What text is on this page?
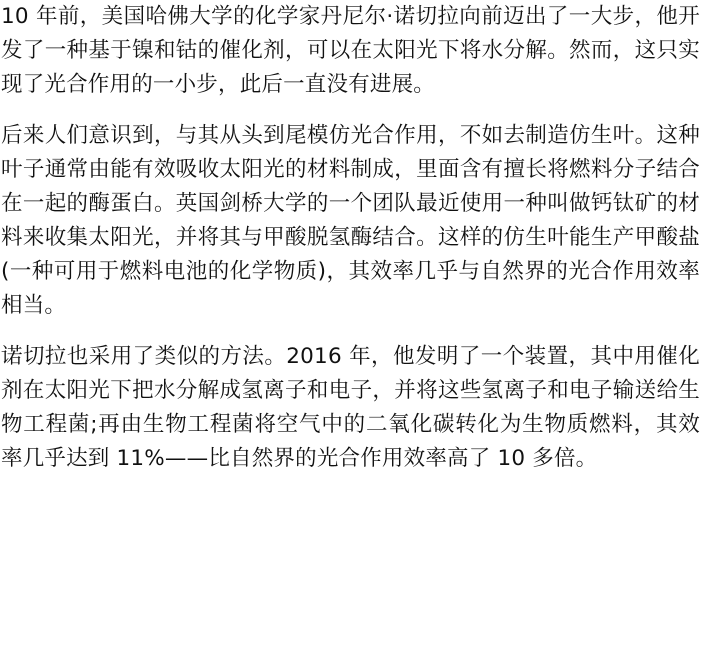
10 年前，美国哈佛大学的化学家丹尼尔·诺切拉向前迈出了一大步，他开发了一种基于镍和钴的催化剂，可以在太阳光下将水分解。然而，这只实现了光合作用的一小步，此后一直没有进展。

后来人们意识到，与其从头到尾模仿光合作用，不如去制造仿生叶。这种叶子通常由能有效吸收太阳光的材料制成，里面含有擅长将燃料分子结合在一起的酶蛋白。英国剑桥大学的一个团队最近使用一种叫做钙钛矿的材料来收集太阳光，并将其与甲酸脱氢酶结合。这样的仿生叶能生产甲酸盐(一种可用于燃料电池的化学物质)，其效率几乎与自然界的光合作用效率相当。

诺切拉也采用了类似的方法。2016 年，他发明了一个装置，其中用催化剂在太阳光下把水分解成氢离子和电子，并将这些氢离子和电子输送给生物工程菌;再由生物工程菌将空气中的二氧化碳转化为生物质燃料，其效率几乎达到 11%——比自然界的光合作用效率高了 10 多倍。
